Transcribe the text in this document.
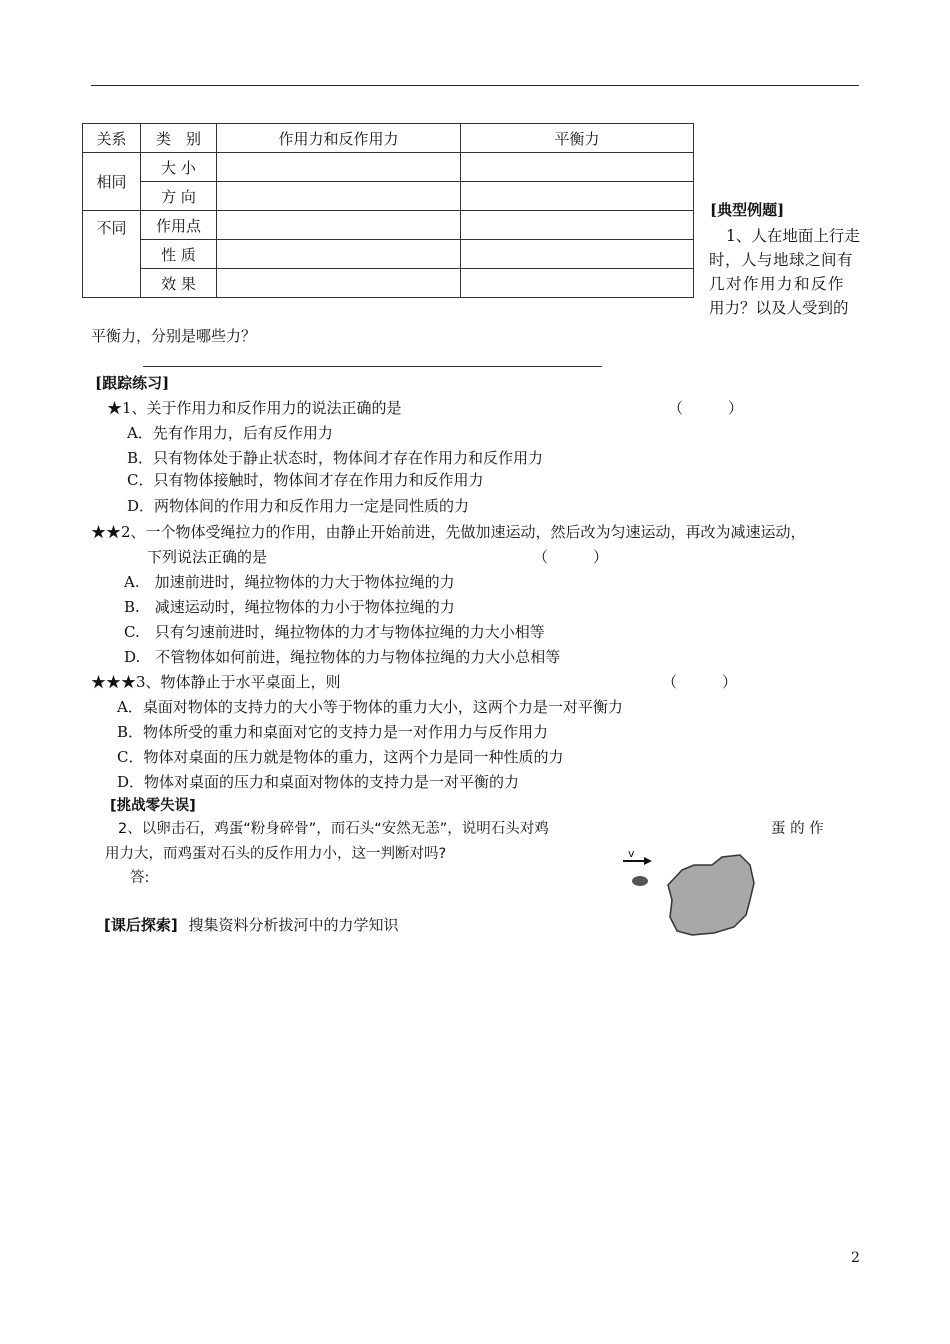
关系	类　别	作用力和反作用力	平衡力
相同	大 小		
	方 向		
不同	作用点		
	性 质		
	效 果		
[典型例题]
1、人在地面上行走
时，人与地球之间有
几对作用力和反作
用力？以及人受到的
平衡力，分别是哪些力？
[跟踪练习]
★1、关于作用力和反作用力的说法正确的是	（　　　）
A．先有作用力，后有反作用力
B．只有物体处于静止状态时，物体间才存在作用力和反作用力
C．只有物体接触时，物体间才存在作用力和反作用力
D．两物体间的作用力和反作用力一定是同性质的力
★★2、一个物体受绳拉力的作用，由静止开始前进，先做加速运动，然后改为匀速运动，再改为减速运动，
下列说法正确的是	（　　　）
A.　加速前进时，绳拉物体的力大于物体拉绳的力
B.　减速运动时，绳拉物体的力小于物体拉绳的力
C.　只有匀速前进时，绳拉物体的力才与物体拉绳的力大小相等
D.　不管物体如何前进，绳拉物体的力与物体拉绳的力大小总相等
★★★3、物体静止于水平桌面上，则	（　　　）
A．桌面对物体的支持力的大小等于物体的重力大小，这两个力是一对平衡力
B．物体所受的重力和桌面对它的支持力是一对作用力与反作用力
C．物体对桌面的压力就是物体的重力，这两个力是同一种性质的力
D．物体对桌面的压力和桌面对物体的支持力是一对平衡的力
[挑战零失误]
2、以卵击石，鸡蛋“粉身碎骨”，而石头“安然无恙”，说明石头对鸡	蛋 的 作
用力大，而鸡蛋对石头的反作用力小，这一判断对吗?
答:
v
[课后探索] 搜集资料分析拔河中的力学知识
2
